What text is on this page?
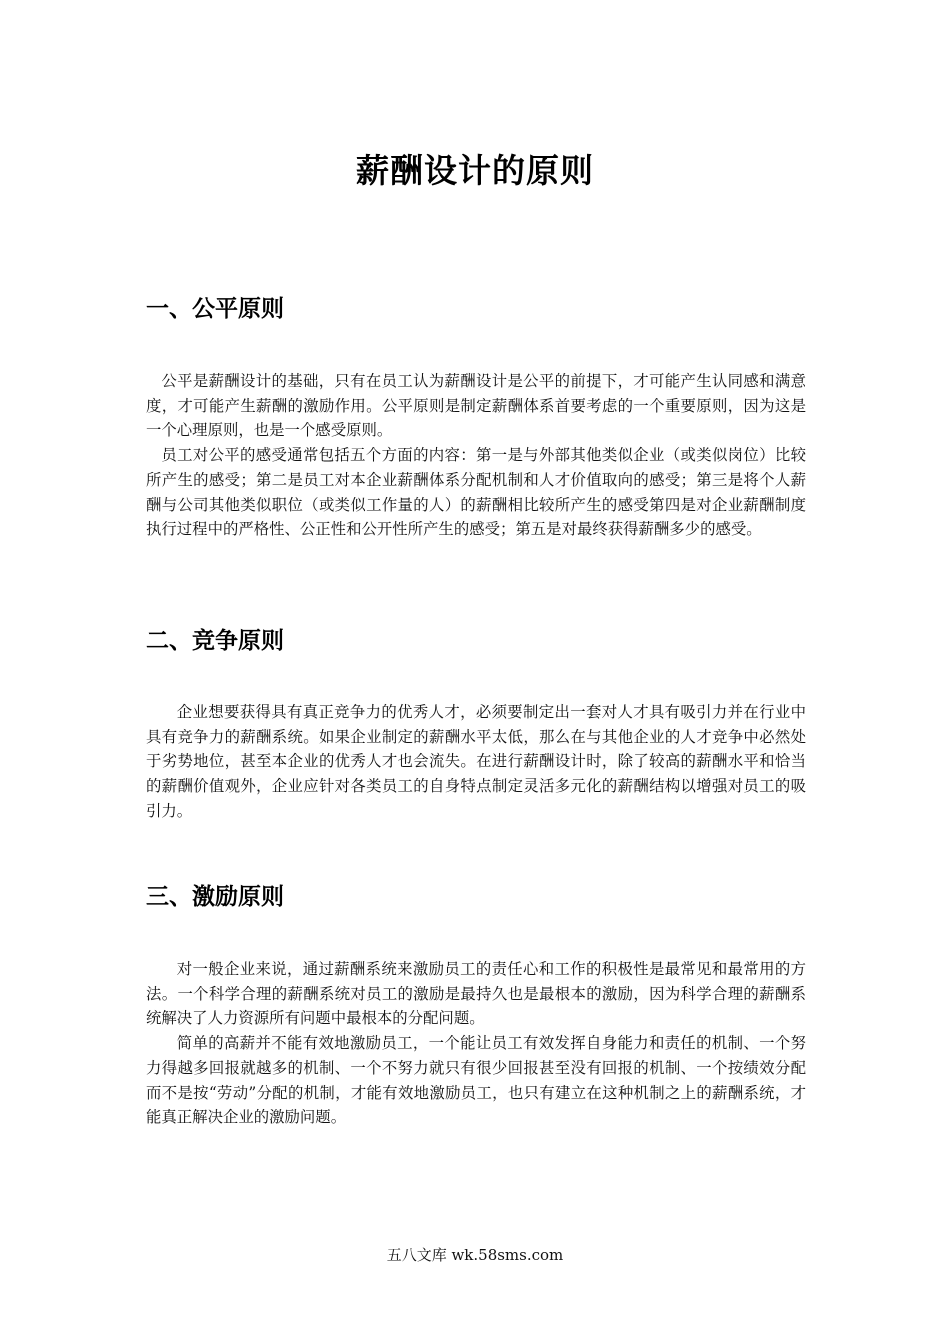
薪酬设计的原则
一、公平原则

公平是薪酬设计的基础，只有在员工认为薪酬设计是公平的前提下，才可能产生认同感和满意度，才可能产生薪酬的激励作用。公平原则是制定薪酬体系首要考虑的一个重要原则，因为这是一个心理原则，也是一个感受原则。

员工对公平的感受通常包括五个方面的内容：第一是与外部其他类似企业（或类似岗位）比较所产生的感受；第二是员工对本企业薪酬体系分配机制和人才价值取向的感受；第三是将个人薪酬与公司其他类似职位（或类似工作量的人）的薪酬相比较所产生的感受第四是对企业薪酬制度执行过程中的严格性、公正性和公开性所产生的感受；第五是对最终获得薪酬多少的感受。

二、竞争原则

企业想要获得具有真正竞争力的优秀人才，必须要制定出一套对人才具有吸引力并在行业中具有竞争力的薪酬系统。如果企业制定的薪酬水平太低，那么在与其他企业的人才竞争中必然处于劣势地位，甚至本企业的优秀人才也会流失。在进行薪酬设计时，除了较高的薪酬水平和恰当的薪酬价值观外，企业应针对各类员工的自身特点制定灵活多元化的薪酬结构以增强对员工的吸引力。

三、激励原则

对一般企业来说，通过薪酬系统来激励员工的责任心和工作的积极性是最常见和最常用的方法。一个科学合理的薪酬系统对员工的激励是最持久也是最根本的激励，因为科学合理的薪酬系统解决了人力资源所有问题中最根本的分配问题。

简单的高薪并不能有效地激励员工，一个能让员工有效发挥自身能力和责任的机制、一个努力得越多回报就越多的机制、一个不努力就只有很少回报甚至没有回报的机制、一个按绩效分配而不是按“劳动”分配的机制，才能有效地激励员工，也只有建立在这种机制之上的薪酬系统，才能真正解决企业的激励问题。

五八文库 wk.58sms.com
